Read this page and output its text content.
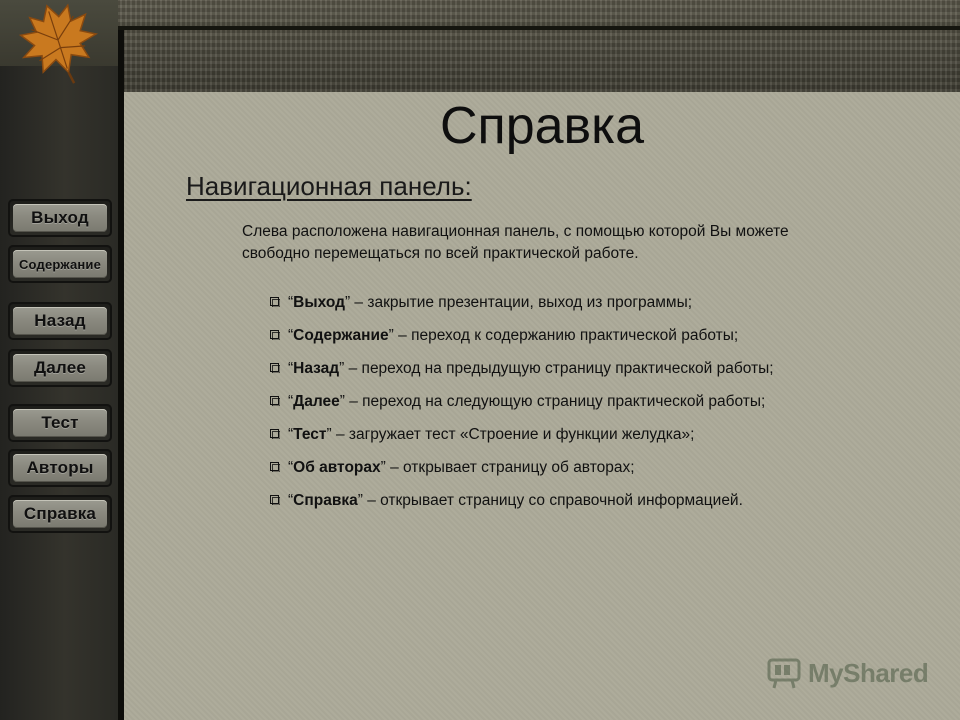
Выход
Содержание
Назад
Далее
Тест
Авторы
Справка
Справка
Навигационная панель:
Слева расположена навигационная панель, с помощью которой Вы можете свободно перемещаться по всей практической работе.
“Выход” – закрытие презентации, выход из программы;
“Содержание” – переход к содержанию практической работы;
“Назад” – переход на предыдущую страницу практической работы;
“Далее” – переход на следующую страницу практической работы;
“Тест” – загружает тест «Строение и функции желудка»;
“Об авторах” – открывает страницу об авторах;
“Справка” – открывает страницу со справочной информацией.
MyShared
